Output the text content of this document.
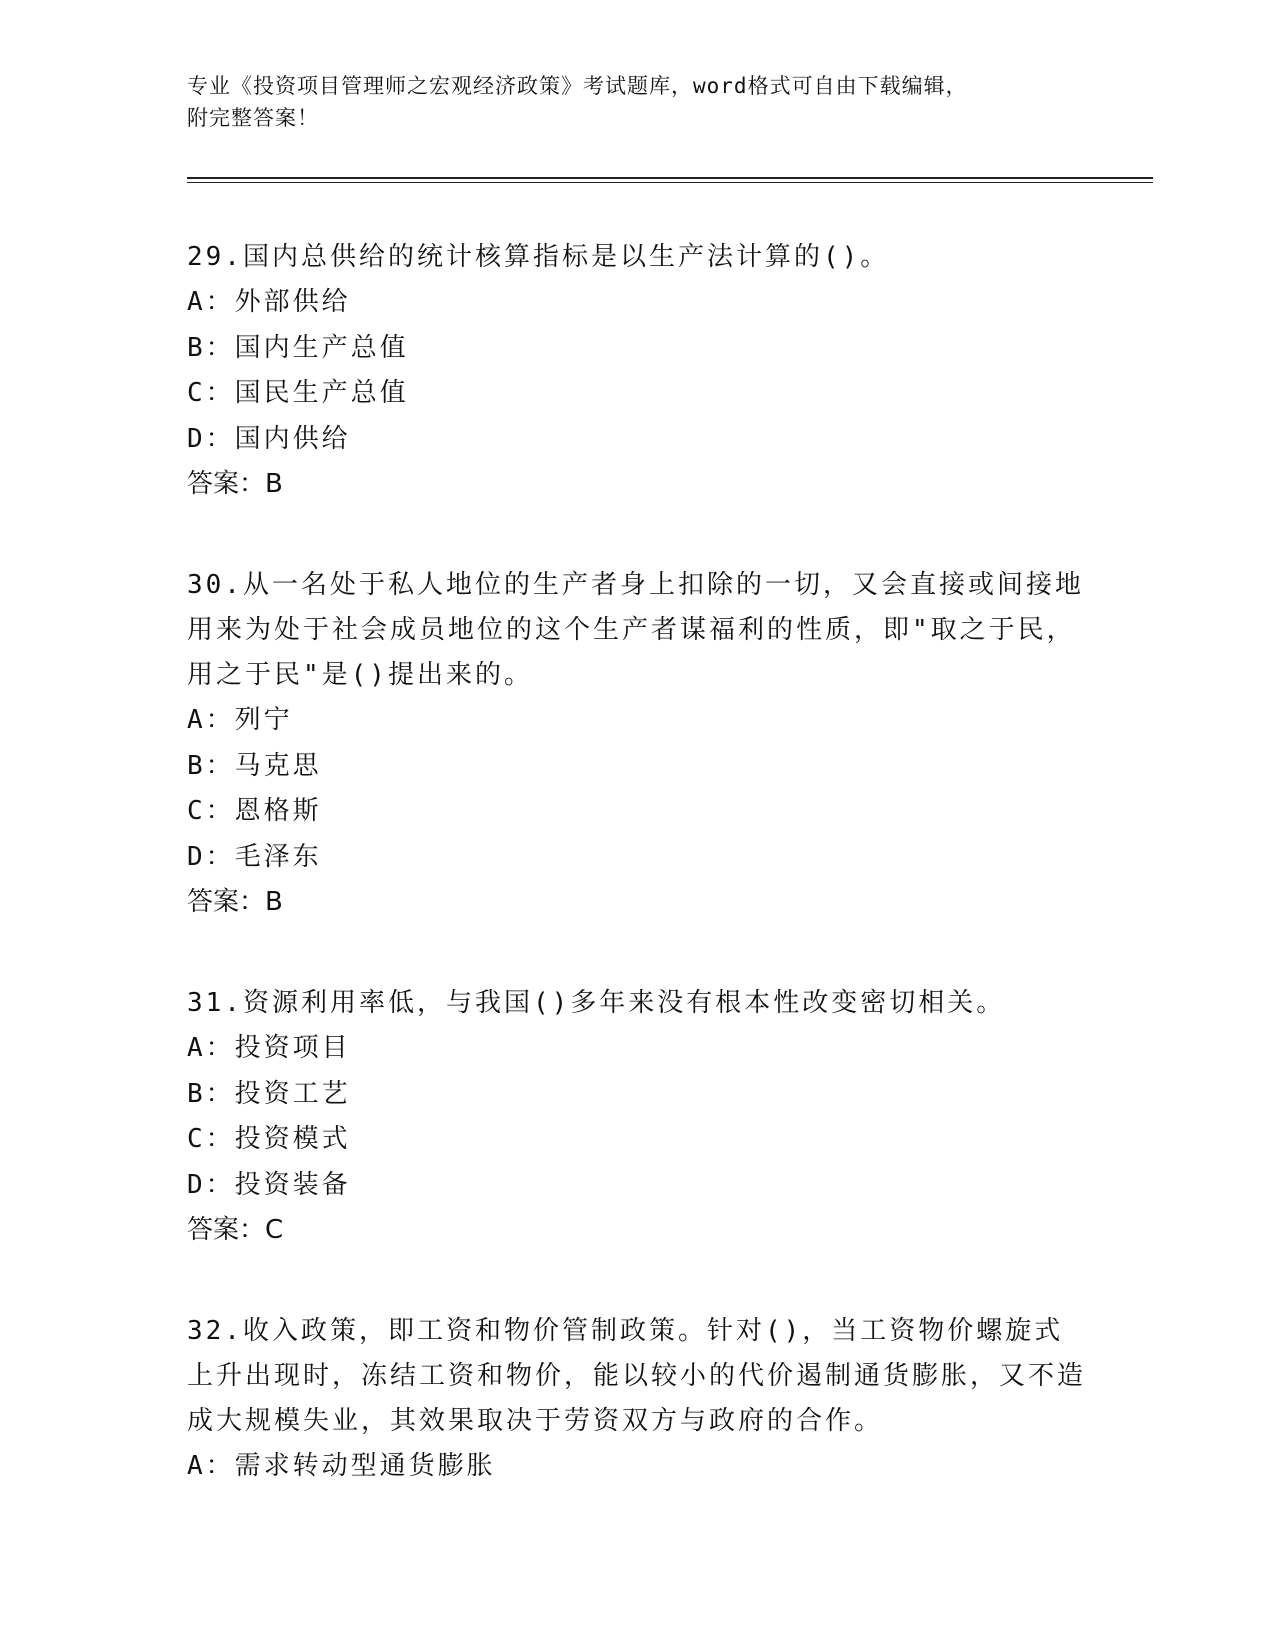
专业《投资项目管理师之宏观经济政策》考试题库，word格式可自由下载编辑，
附完整答案！
29.国内总供给的统计核算指标是以生产法计算的()。
A：外部供给
B：国内生产总值
C：国民生产总值
D：国内供给
答案：B
30.从一名处于私人地位的生产者身上扣除的一切，又会直接或间接地用来为处于社会成员地位的这个生产者谋福利的性质，即"取之于民，用之于民"是()提出来的。
A：列宁
B：马克思
C：恩格斯
D：毛泽东
答案：B
31.资源利用率低，与我国()多年来没有根本性改变密切相关。
A：投资项目
B：投资工艺
C：投资模式
D：投资装备
答案：C
32.收入政策，即工资和物价管制政策。针对()，当工资物价螺旋式上升出现时，冻结工资和物价，能以较小的代价遏制通货膨胀，又不造成大规模失业，其效果取决于劳资双方与政府的合作。
A：需求转动型通货膨胀
